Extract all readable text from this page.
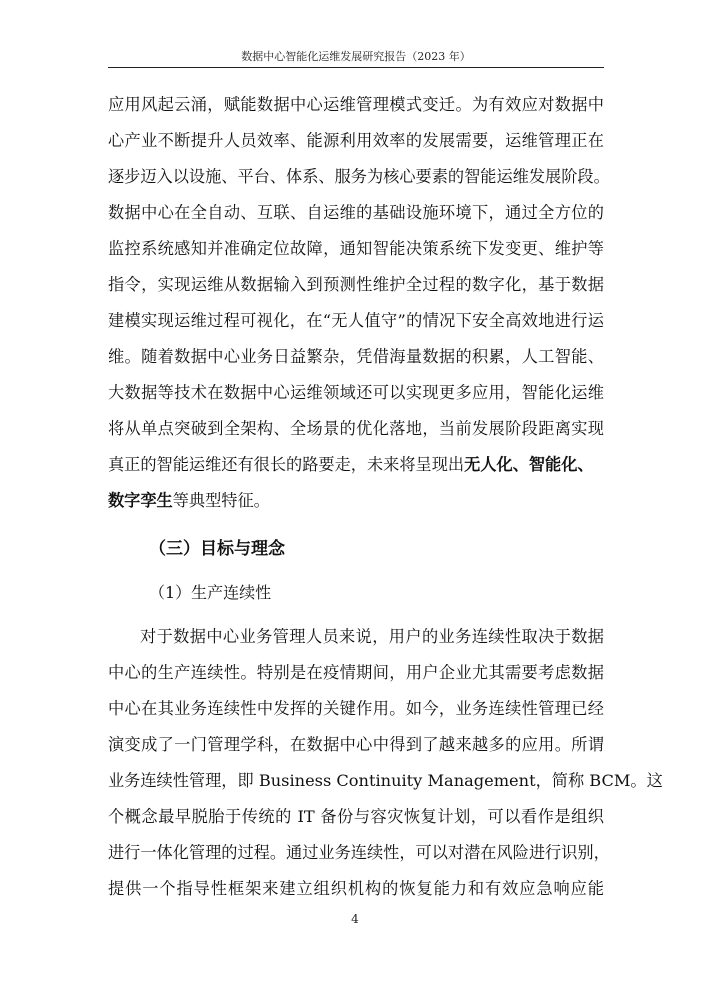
数据中心智能化运维发展研究报告（2023 年）
应用风起云涌，赋能数据中心运维管理模式变迁。为有效应对数据中
心产业不断提升人员效率、能源利用效率的发展需要，运维管理正在
逐步迈入以设施、平台、体系、服务为核心要素的智能运维发展阶段。
数据中心在全自动、互联、自运维的基础设施环境下，通过全方位的
监控系统感知并准确定位故障，通知智能决策系统下发变更、维护等
指令，实现运维从数据输入到预测性维护全过程的数字化，基于数据
建模实现运维过程可视化，在“无人值守”的情况下安全高效地进行运
维。随着数据中心业务日益繁杂，凭借海量数据的积累，人工智能、
大数据等技术在数据中心运维领域还可以实现更多应用，智能化运维
将从单点突破到全架构、全场景的优化落地，当前发展阶段距离实现
真正的智能运维还有很长的路要走，未来将呈现出无人化、智能化、
数字孪生等典型特征。
（三）目标与理念
（1）生产连续性
对于数据中心业务管理人员来说，用户的业务连续性取决于数据
中心的生产连续性。特别是在疫情期间，用户企业尤其需要考虑数据
中心在其业务连续性中发挥的关键作用。如今，业务连续性管理已经
演变成了一门管理学科，在数据中心中得到了越来越多的应用。所谓
业务连续性管理，即 Business Continuity Management，简称 BCM。这
个概念最早脱胎于传统的 IT 备份与容灾恢复计划，可以看作是组织
进行一体化管理的过程。通过业务连续性，可以对潜在风险进行识别，
提供一个指导性框架来建立组织机构的恢复能力和有效应急响应能
4
